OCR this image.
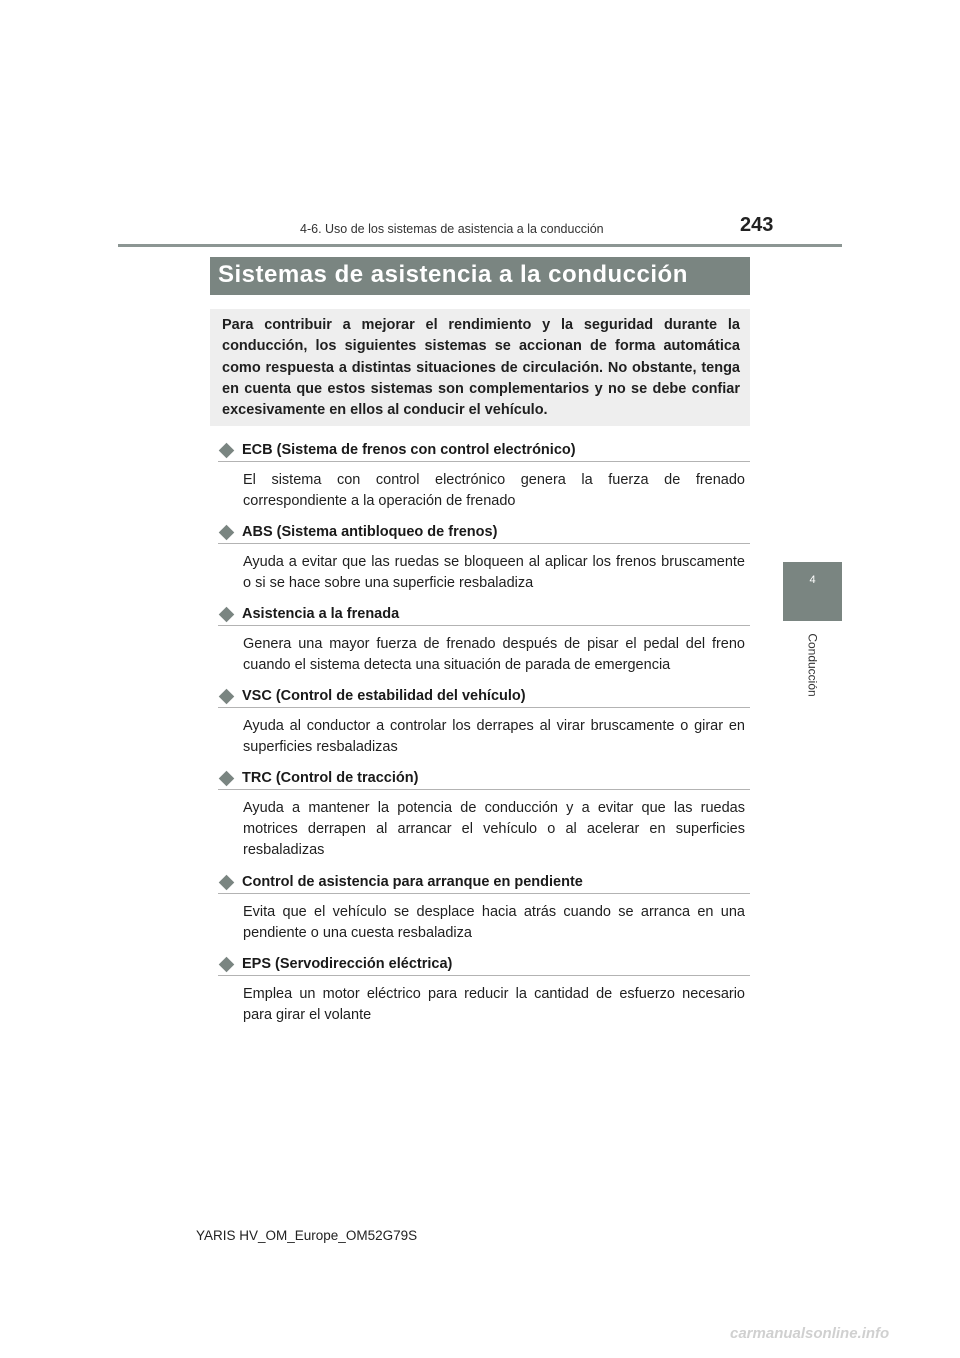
4-6. Uso de los sistemas de asistencia a la conducción	243
4
Conducción
Sistemas de asistencia a la conducción
Para contribuir a mejorar el rendimiento y la seguridad durante la conducción, los siguientes sistemas se accionan de forma automática como respuesta a distintas situaciones de circulación. No obstante, tenga en cuenta que estos sistemas son complementarios y no se debe confiar excesivamente en ellos al conducir el vehículo.
ECB (Sistema de frenos con control electrónico)
El sistema con control electrónico genera la fuerza de frenado correspondiente a la operación de frenado
ABS (Sistema antibloqueo de frenos)
Ayuda a evitar que las ruedas se bloqueen al aplicar los frenos bruscamente o si se hace sobre una superficie resbaladiza
Asistencia a la frenada
Genera una mayor fuerza de frenado después de pisar el pedal del freno cuando el sistema detecta una situación de parada de emergencia
VSC (Control de estabilidad del vehículo)
Ayuda al conductor a controlar los derrapes al virar bruscamente o girar en superficies resbaladizas
TRC (Control de tracción)
Ayuda a mantener la potencia de conducción y a evitar que las ruedas motrices derrapen al arrancar el vehículo o al acelerar en superficies resbaladizas
Control de asistencia para arranque en pendiente
Evita que el vehículo se desplace hacia atrás cuando se arranca en una pendiente o una cuesta resbaladiza
EPS (Servodirección eléctrica)
Emplea un motor eléctrico para reducir la cantidad de esfuerzo necesario para girar el volante
YARIS HV_OM_Europe_OM52G79S
carmanualsonline.info
